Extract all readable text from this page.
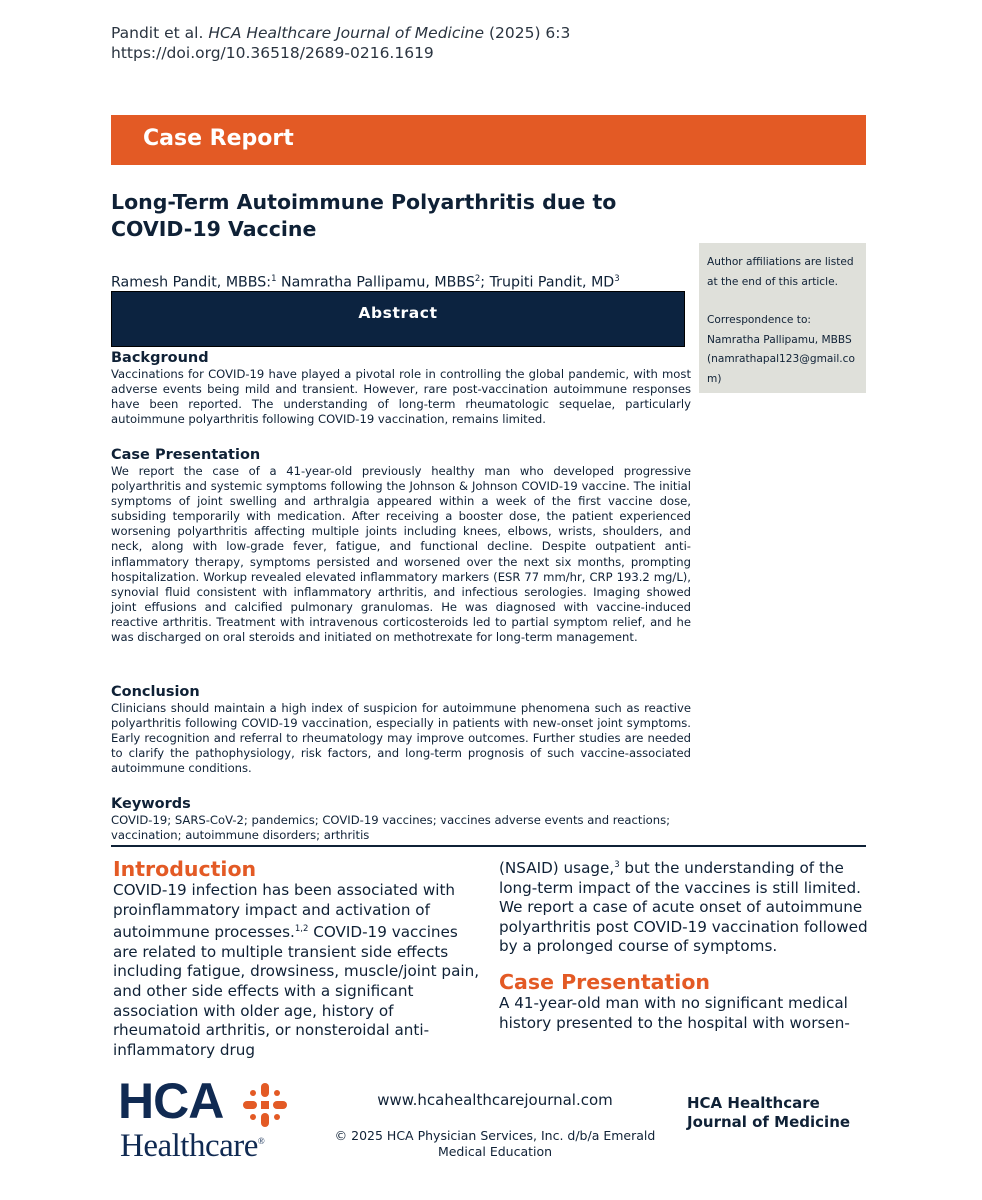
Pandit et al. HCA Healthcare Journal of Medicine (2025) 6:3
https://doi.org/10.36518/2689-0216.1619
Case Report
Long-Term Autoimmune Polyarthritis due to
COVID-19 Vaccine
Author affiliations are listed at the end of this article.
Correspondence to:
Namratha Pallipamu, MBBS
(namrathapal123@gmail.com)
Ramesh Pandit, MBBS:$^1$ Namratha Pallipamu, MBBS$^2$; Trupiti Pandit, $MD^3$
Abstract
Background
Vaccinations for COVID-19 have played a pivotal role in controlling the global pandemic, with most adverse events being mild and transient. However, rare post-vaccination autoimmune responses have been reported. The understanding of long-term rheumatologic sequelae, particularly autoimmune polyarthritis following COVID-19 vaccination, remains limited.
Case Presentation
We report the case of a 41-year-old previously healthy man who developed progressive polyarthritis and systemic symptoms following the Johnson & Johnson COVID-19 vaccine. The initial symptoms of joint swelling and arthralgia appeared within a week of the first vaccine dose, subsiding temporarily with medication. After receiving a booster dose, the patient experienced worsening polyarthritis affecting multiple joints including knees, elbows, wrists, shoulders, and neck, along with low-grade fever, fatigue, and functional decline. Despite outpatient anti-inflammatory therapy, symptoms persisted and worsened over the next six months, prompting hospitalization. Workup revealed elevated inflammatory markers (ESR 77 mm/hr, CRP 193.2 mg/L), synovial fluid consistent with inflammatory arthritis, and infectious serologies. Imaging showed joint effusions and calcified pulmonary granulomas. He was diagnosed with vaccine-induced reactive arthritis. Treatment with intravenous corticosteroids led to partial symptom relief, and he was discharged on oral steroids and initiated on methotrexate for long-term management.
Conclusion
Clinicians should maintain a high index of suspicion for autoimmune phenomena such as reactive polyarthritis following COVID-19 vaccination, especially in patients with new-onset joint symptoms. Early recognition and referral to rheumatology may improve outcomes. Further studies are needed to clarify the pathophysiology, risk factors, and long-term prognosis of such vaccine-associated autoimmune conditions.
Keywords
COVID-19; SARS-CoV-2; pandemics; COVID-19 vaccines; vaccines adverse events and reactions; vaccination; autoimmune disorders; arthritis
Introduction
COVID-19 infection has been associated with proinflammatory impact and activation of autoimmune processes.$^{1,2}$ COVID-19 vaccines are related to multiple transient side effects including fatigue, drowsiness, muscle/joint pain, and other side effects with a significant association with older age, history of rheumatoid arthritis, or nonsteroidal anti-inflammatory drug
(NSAID) usage,$^3$ but the understanding of the long-term impact of the vaccines is still limited. We report a case of acute onset of autoimmune polyarthritis post COVID-19 vaccination followed by a prolonged course of symptoms.
Case Presentation
A 41-year-old man with no significant medical history presented to the hospital with worsen-
HCA
Healthcare®
www.hcahealthcarejournal.com
© 2025 HCA Physician Services, Inc. d/b/a Emerald Medical Education
HCA Healthcare Journal of Medicine
